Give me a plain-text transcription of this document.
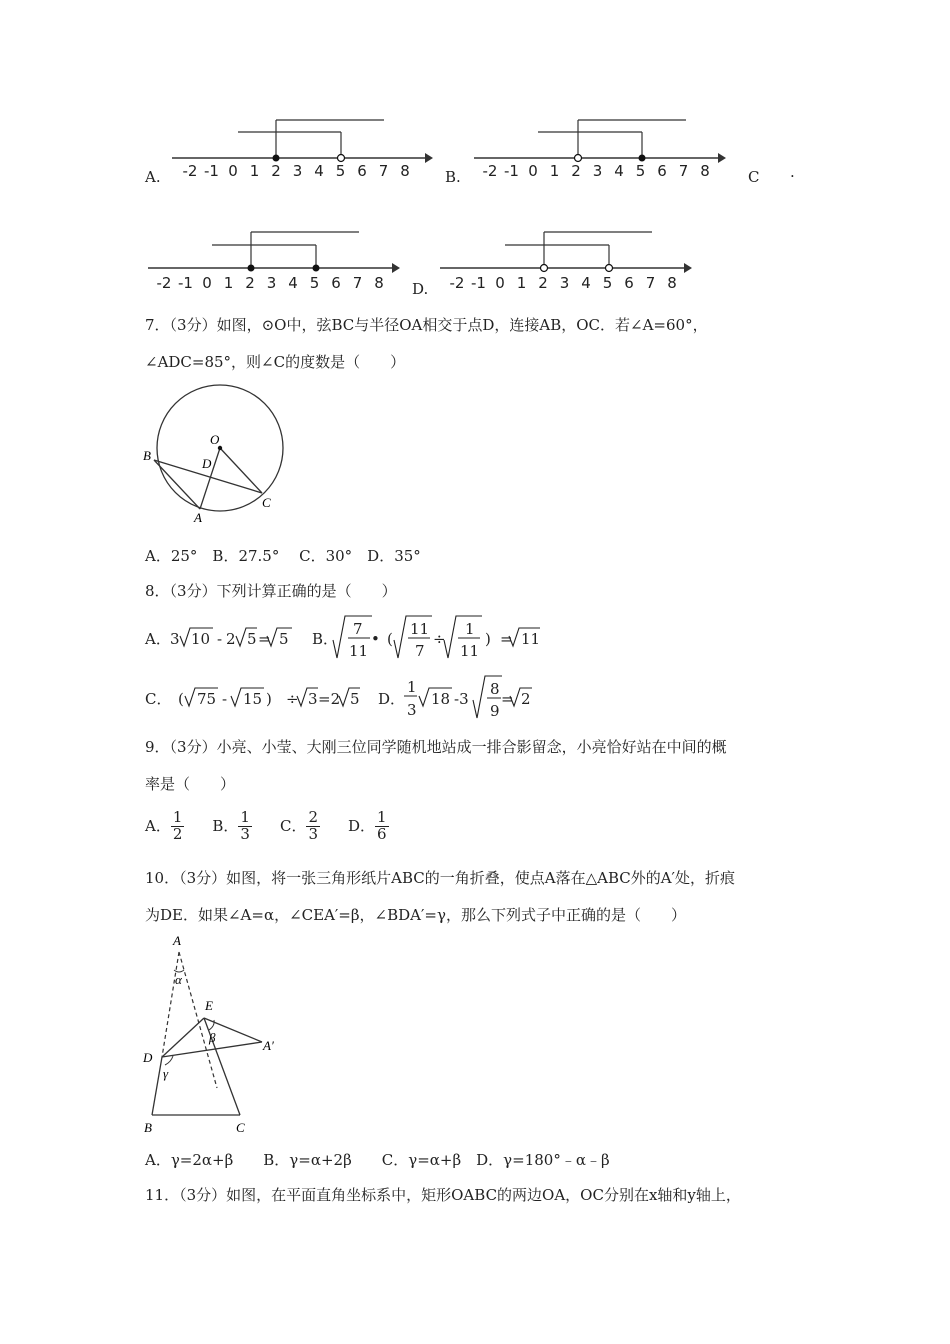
A.	B.	C .
D.
-2 -1 0 1 2 3 4 5 6 7 8	-2 -1 0 1 2 3 4 5 6 7 8
-2 -1 0 1 2 3 4 5 6 7 8	-2 -1 0 1 2 3 4 5 6 7 8
7．（3分）如图，⊙O中，弦BC与半径OA相交于点D，连接AB，OC．若∠A=60°，
∠ADC=85°，则∠C的度数是（　　）
O
D
B
A
C
A．25°　B．27.5°　 C．30°　D．35°
8．（3分）下列计算正确的是（　　）
A． 3 10 - 2 5 = 5 B．
7
11
• (
11
7
÷
1
11
) = 11
C． ( 75 - 15 ) ÷ 3 =2 5 D．
1
3
18 -3
8
9
= 2
9．（3分）小亮、小莹、大刚三位同学随机地站成一排合影留念，小亮恰好站在中间的概
率是（　　）
A． $\frac{1}{2}$ B． $\frac{1}{3}$ C． $\frac{2}{3}$ D． $\frac{1}{6}$
10．（3分）如图，将一张三角形纸片ABC的一角折叠，使点A落在△ABC外的A′处，折痕
为DE．如果∠A=α，∠CEA′=β，∠BDA′=γ，那么下列式子中正确的是（　　）
A
α
E
β
A′
D
γ
B	C
A．γ=2α+β　　B．γ=α+2β　　C．γ=α+β　D．γ=180°﹣α﹣β
11．（3分）如图，在平面直角坐标系中，矩形OABC的两边OA，OC分别在x轴和y轴上，
